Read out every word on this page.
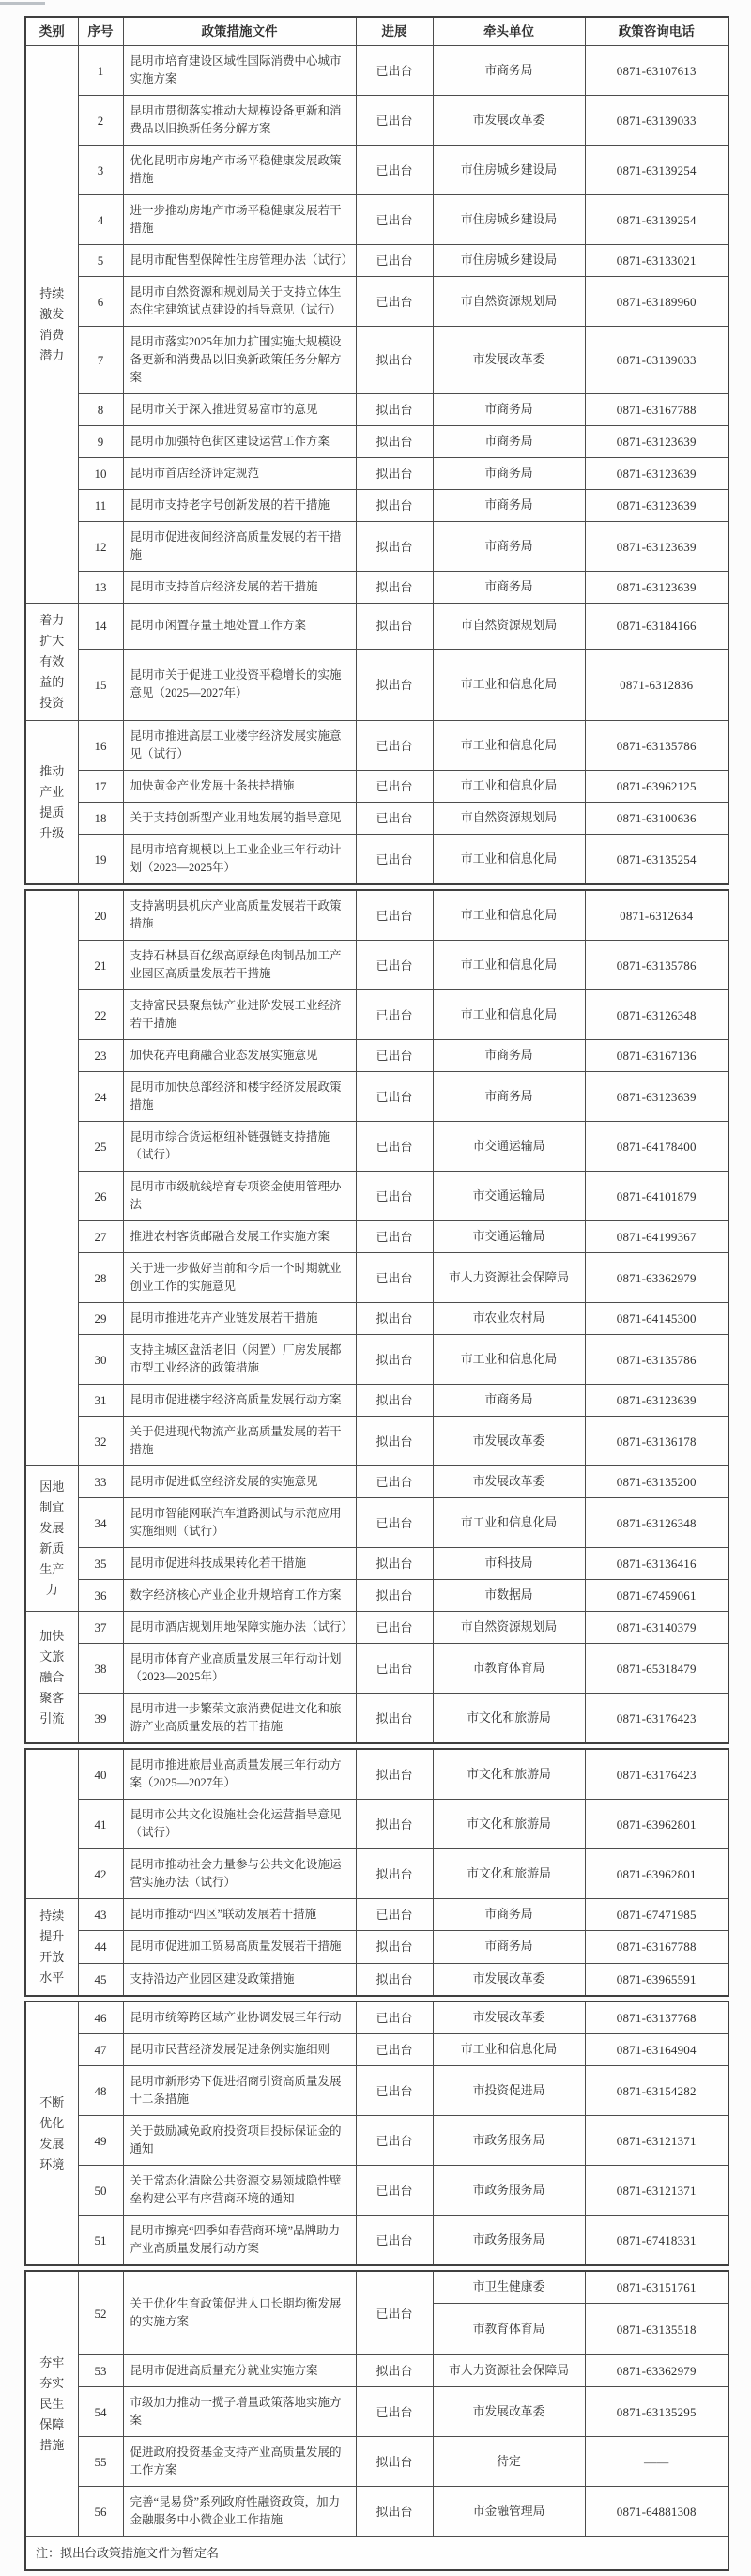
类别	序号	政策措施文件	进展	牵头单位	政策咨询电话
持续激发消费潜力	1	昆明市培育建设区域性国际消费中心城市实施方案	已出台	市商务局	0871-63107613
	2	昆明市贯彻落实推动大规模设备更新和消费品以旧换新任务分解方案	已出台	市发展改革委	0871-63139033
	3	优化昆明市房地产市场平稳健康发展政策措施	已出台	市住房城乡建设局	0871-63139254
	4	进一步推动房地产市场平稳健康发展若干措施	已出台	市住房城乡建设局	0871-63139254
	5	昆明市配售型保障性住房管理办法（试行）	已出台	市住房城乡建设局	0871-63133021
	6	昆明市自然资源和规划局关于支持立体生态住宅建筑试点建设的指导意见（试行）	已出台	市自然资源规划局	0871-63189960
	7	昆明市落实2025年加力扩围实施大规模设备更新和消费品以旧换新政策任务分解方案	拟出台	市发展改革委	0871-63139033
	8	昆明市关于深入推进贸易富市的意见	拟出台	市商务局	0871-63167788
	9	昆明市加强特色街区建设运营工作方案	拟出台	市商务局	0871-63123639
	10	昆明市首店经济评定规范	拟出台	市商务局	0871-63123639
	11	昆明市支持老字号创新发展的若干措施	拟出台	市商务局	0871-63123639
	12	昆明市促进夜间经济高质量发展的若干措施	拟出台	市商务局	0871-63123639
	13	昆明市支持首店经济发展的若干措施	拟出台	市商务局	0871-63123639
着力扩大有效益的投资	14	昆明市闲置存量土地处置工作方案	拟出台	市自然资源规划局	0871-63184166
	15	昆明市关于促进工业投资平稳增长的实施意见（2025—2027年）	拟出台	市工业和信息化局	0871-6312836
推动产业提质升级	16	昆明市推进高层工业楼宇经济发展实施意见（试行）	已出台	市工业和信息化局	0871-63135786
	17	加快黄金产业发展十条扶持措施	已出台	市工业和信息化局	0871-63962125
	18	关于支持创新型产业用地发展的指导意见	已出台	市自然资源规划局	0871-63100636
	19	昆明市培育规模以上工业企业三年行动计划（2023—2025年）	已出台	市工业和信息化局	0871-63135254
	20	支持嵩明县机床产业高质量发展若干政策措施	已出台	市工业和信息化局	0871-6312634
	21	支持石林县百亿级高原绿色肉制品加工产业园区高质量发展若干措施	已出台	市工业和信息化局	0871-63135786
	22	支持富民县聚焦钛产业进阶发展工业经济若干措施	已出台	市工业和信息化局	0871-63126348
	23	加快花卉电商融合业态发展实施意见	已出台	市商务局	0871-63167136
	24	昆明市加快总部经济和楼宇经济发展政策措施	已出台	市商务局	0871-63123639
	25	昆明市综合货运枢纽补链强链支持措施（试行）	已出台	市交通运输局	0871-64178400
	26	昆明市市级航线培育专项资金使用管理办法	已出台	市交通运输局	0871-64101879
	27	推进农村客货邮融合发展工作实施方案	已出台	市交通运输局	0871-64199367
	28	关于进一步做好当前和今后一个时期就业创业工作的实施意见	已出台	市人力资源社会保障局	0871-63362979
	29	昆明市推进花卉产业链发展若干措施	拟出台	市农业农村局	0871-64145300
	30	支持主城区盘活老旧（闲置）厂房发展都市型工业经济的政策措施	拟出台	市工业和信息化局	0871-63135786
	31	昆明市促进楼宇经济高质量发展行动方案	拟出台	市商务局	0871-63123639
	32	关于促进现代物流产业高质量发展的若干措施	拟出台	市发展改革委	0871-63136178
因地制宜发展新质生产力	33	昆明市促进低空经济发展的实施意见	已出台	市发展改革委	0871-63135200
	34	昆明市智能网联汽车道路测试与示范应用实施细则（试行）	已出台	市工业和信息化局	0871-63126348
	35	昆明市促进科技成果转化若干措施	拟出台	市科技局	0871-63136416
	36	数字经济核心产业企业升规培育工作方案	拟出台	市数据局	0871-67459061
加快文旅融合聚客引流	37	昆明市酒店规划用地保障实施办法（试行）	已出台	市自然资源规划局	0871-63140379
	38	昆明市体育产业高质量发展三年行动计划（2023—2025年）	已出台	市教育体育局	0871-65318479
	39	昆明市进一步繁荣文旅消费促进文化和旅游产业高质量发展的若干措施	拟出台	市文化和旅游局	0871-63176423
	40	昆明市推进旅居业高质量发展三年行动方案（2025—2027年）	拟出台	市文化和旅游局	0871-63176423
	41	昆明市公共文化设施社会化运营指导意见（试行）	拟出台	市文化和旅游局	0871-63962801
	42	昆明市推动社会力量参与公共文化设施运营实施办法（试行）	拟出台	市文化和旅游局	0871-63962801
持续提升开放水平	43	昆明市推动“四区”联动发展若干措施	已出台	市商务局	0871-67471985
	44	昆明市促进加工贸易高质量发展若干措施	拟出台	市商务局	0871-63167788
	45	支持沿边产业园区建设政策措施	拟出台	市发展改革委	0871-63965591
不断优化发展环境	46	昆明市统筹跨区域产业协调发展三年行动	已出台	市发展改革委	0871-63137768
	47	昆明市民营经济发展促进条例实施细则	已出台	市工业和信息化局	0871-63164904
	48	昆明市新形势下促进招商引资高质量发展十二条措施	已出台	市投资促进局	0871-63154282
	49	关于鼓励减免政府投资项目投标保证金的通知	已出台	市政务服务局	0871-63121371
	50	关于常态化清除公共资源交易领域隐性壁垒构建公平有序营商环境的通知	已出台	市政务服务局	0871-63121371
	51	昆明市擦亮“四季如春营商环境”品牌助力产业高质量发展行动方案	已出台	市政务服务局	0871-67418331
夯牢夯实民生保障措施	52	关于优化生育政策促进人口长期均衡发展的实施方案	已出台	市卫生健康委	0871-63151761
				市教育体育局	0871-63135518
	53	昆明市促进高质量充分就业实施方案	拟出台	市人力资源社会保障局	0871-63362979
	54	市级加力推动一揽子增量政策落地实施方案	已出台	市发展改革委	0871-63135295
	55	促进政府投资基金支持产业高质量发展的工作方案	拟出台	待定	——
	56	完善“昆易贷”系列政府性融资政策，加力金融服务中小微企业工作措施	拟出台	市金融管理局	0871-64881308
注：拟出台政策措施文件为暂定名					
